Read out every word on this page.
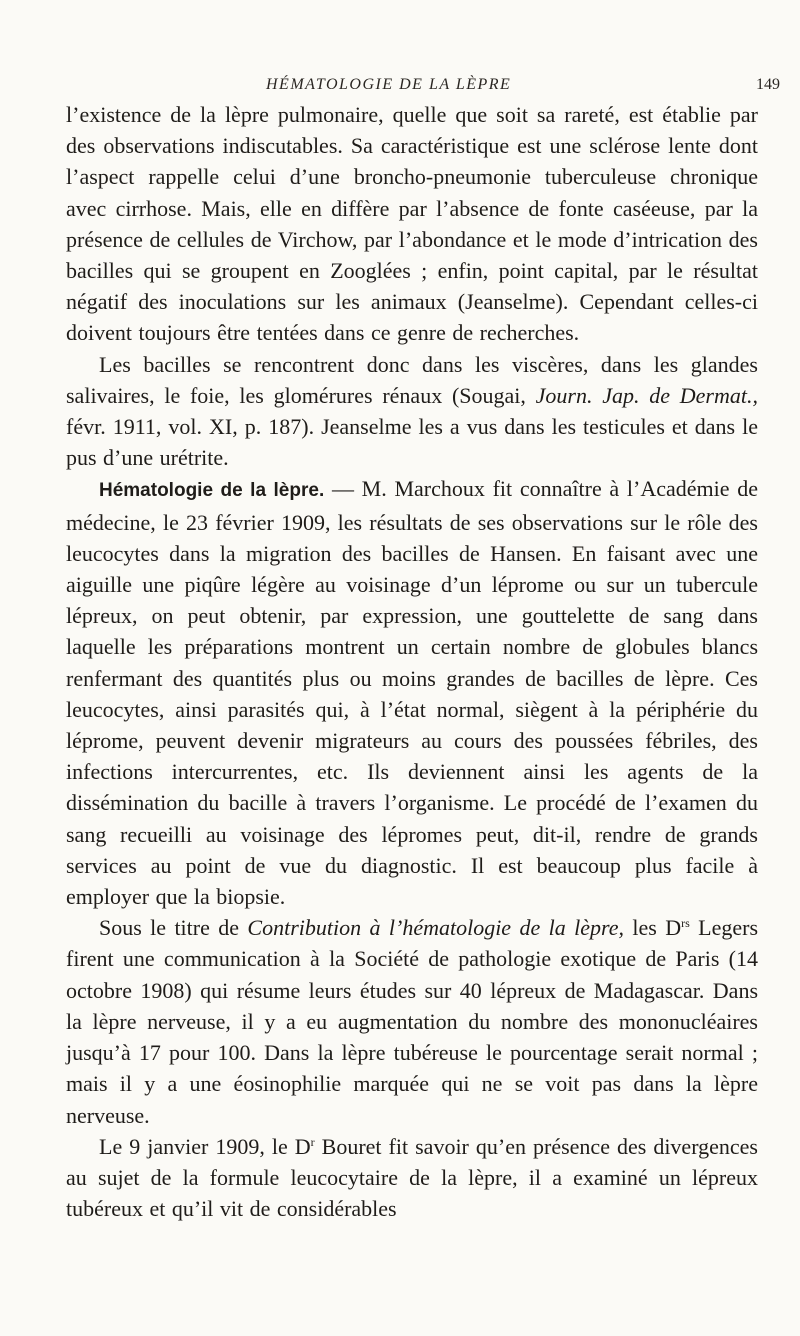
HÉMATOLOGIE DE LA LÈPRE	149

l’existence de la lèpre pulmonaire, quelle que soit sa rareté, est établie par des observations indiscutables. Sa caractéristique est une sclérose lente dont l’aspect rappelle celui d’une broncho-pneumonie tuberculeuse chronique avec cirrhose. Mais, elle en diffère par l’absence de fonte caséeuse, par la présence de cellules de Virchow, par l’abondance et le mode d’intrication des bacilles qui se groupent en Zooglées ; enfin, point capital, par le résultat négatif des inoculations sur les animaux (Jeanselme). Cependant celles-ci doivent toujours être tentées dans ce genre de recherches.

Les bacilles se rencontrent donc dans les viscères, dans les glandes salivaires, le foie, les glomérures rénaux (Sougai, Journ. Jap. de Dermat., févr. 1911, vol. XI, p. 187). Jeanselme les a vus dans les testicules et dans le pus d’une urétrite.

Hématologie de la lèpre. — M. Marchoux fit connaître à l’Académie de médecine, le 23 février 1909, les résultats de ses observations sur le rôle des leucocytes dans la migration des bacilles de Hansen. En faisant avec une aiguille une piqûre légère au voisinage d’un léprome ou sur un tubercule lépreux, on peut obtenir, par expression, une gouttelette de sang dans laquelle les préparations montrent un certain nombre de globules blancs renfermant des quantités plus ou moins grandes de bacilles de lèpre. Ces leucocytes, ainsi parasités qui, à l’état normal, siègent à la périphérie du léprome, peuvent devenir migrateurs au cours des poussées fébriles, des infections intercurrentes, etc. Ils deviennent ainsi les agents de la dissémination du bacille à travers l’organisme. Le procédé de l’examen du sang recueilli au voisinage des lépromes peut, dit-il, rendre de grands services au point de vue du diagnostic. Il est beaucoup plus facile à employer que la biopsie.

Sous le titre de Contribution à l’hématologie de la lèpre, les $D^{rs}$ Legers firent une communication à la Société de pathologie exotique de Paris (14 octobre 1908) qui résume leurs études sur 40 lépreux de Madagascar. Dans la lèpre nerveuse, il y a eu augmentation du nombre des mononucléaires jusqu’à 17 pour 100. Dans la lèpre tubéreuse le pourcentage serait normal ; mais il y a une éosinophilie marquée qui ne se voit pas dans la lèpre nerveuse.

Le 9 janvier 1909, le $D^r$ Bouret fit savoir qu’en présence des divergences au sujet de la formule leucocytaire de la lèpre, il a examiné un lépreux tubéreux et qu’il vit de considérables
